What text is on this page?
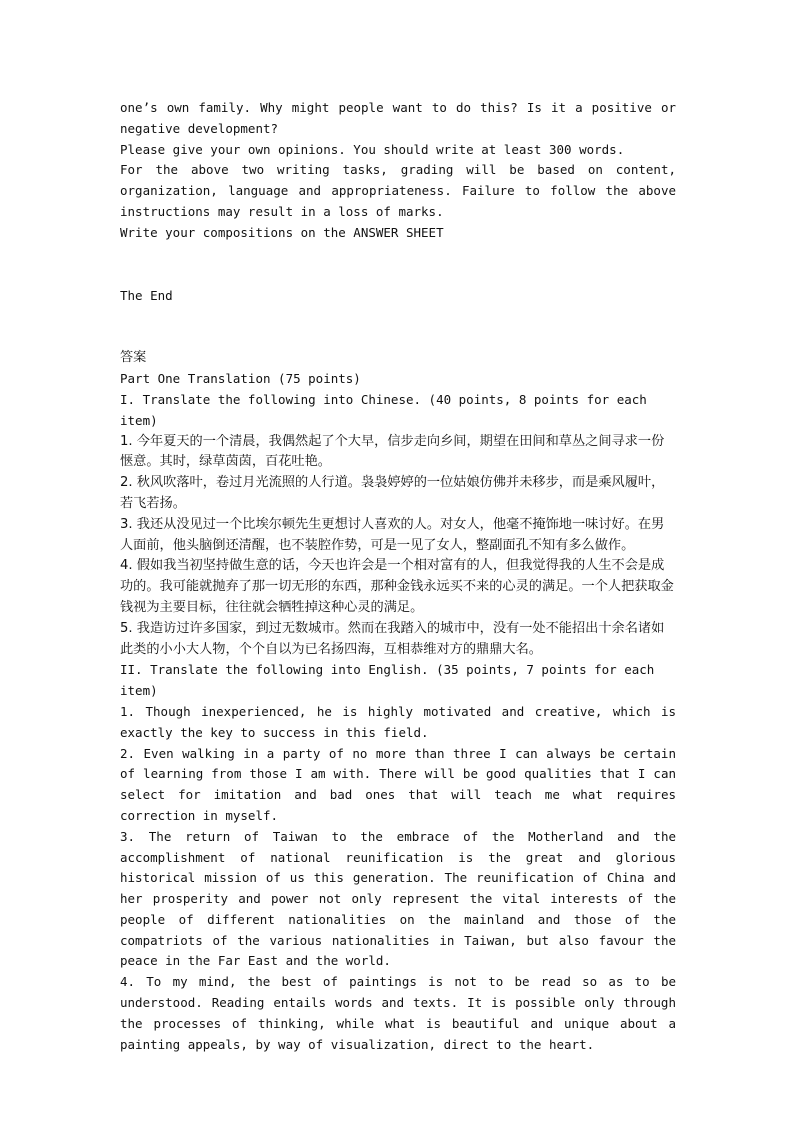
one’s own family. Why might people want to do this? Is it a positive or negative development?

Please give your own opinions. You should write at least 300 words.

For the above two writing tasks, grading will be based on content, organization, language and appropriateness. Failure to follow the above instructions may result in a loss of marks.

Write your compositions on the ANSWER SHEET

The End

答案

Part One Translation (75 points)

I. Translate the following into Chinese. (40 points, 8 points for each item)

1. 今年夏天的一个清晨，我偶然起了个大早，信步走向乡间，期望在田间和草丛之间寻求一份惬意。其时，绿草茵茵，百花吐艳。

2. 秋风吹落叶，卷过月光流照的人行道。袅袅婷婷的一位姑娘仿佛并未移步，而是乘风履叶，若飞若扬。

3. 我还从没见过一个比埃尔顿先生更想讨人喜欢的人。对女人，他毫不掩饰地一味讨好。在男人面前，他头脑倒还清醒，也不装腔作势，可是一见了女人，整副面孔不知有多么做作。

4. 假如我当初坚持做生意的话，今天也许会是一个相对富有的人，但我觉得我的人生不会是成功的。我可能就抛弃了那一切无形的东西，那种金钱永远买不来的心灵的满足。一个人把获取金钱视为主要目标，往往就会牺牲掉这种心灵的满足。

5. 我造访过许多国家，到过无数城市。然而在我踏入的城市中，没有一处不能招出十余名诸如此类的小小大人物，个个自以为已名扬四海，互相恭维对方的鼎鼎大名。

II. Translate the following into English. (35 points, 7 points for each item)

1. Though inexperienced, he is highly motivated and creative, which is exactly the key to success in this field.

2. Even walking in a party of no more than three I can always be certain of learning from those I am with. There will be good qualities that I can select for imitation and bad ones that will teach me what requires correction in myself.

3. The return of Taiwan to the embrace of the Motherland and the accomplishment of national reunification is the great and glorious historical mission of us this generation. The reunification of China and her prosperity and power not only represent the vital interests of the people of different nationalities on the mainland and those of the compatriots of the various nationalities in Taiwan, but also favour the peace in the Far East and the world.

4. To my mind, the best of paintings is not to be read so as to be understood. Reading entails words and texts. It is possible only through the processes of thinking, while what is beautiful and unique about a painting appeals, by way of visualization, direct to the heart.
